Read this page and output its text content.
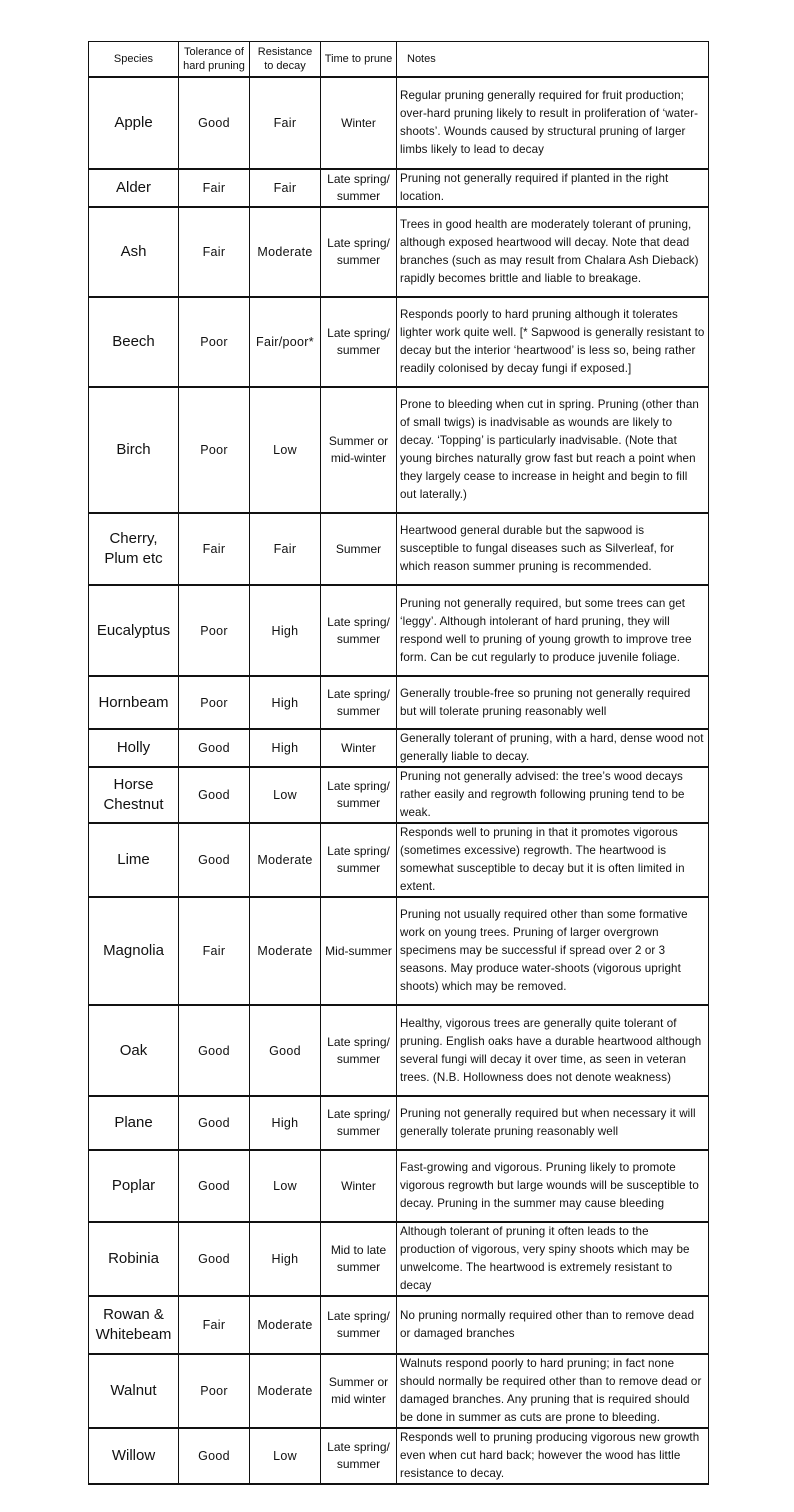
Species	Tolerance of hard pruning	Resistance to decay	Time to prune	Notes
Apple	Good	Fair	Winter	Regular pruning generally required for fruit production; over-hard pruning likely to result in proliferation of ‘water-shoots’. Wounds caused by structural pruning of larger limbs likely to lead to decay
Alder	Fair	Fair	Late spring/ summer	Pruning not generally required if planted in the right location.
Ash	Fair	Moderate	Late spring/ summer	Trees in good health are moderately tolerant of pruning, although exposed heartwood will decay. Note that dead branches (such as may result from Chalara Ash Dieback) rapidly becomes brittle and liable to breakage.
Beech	Poor	Fair/poor*	Late spring/ summer	Responds poorly to hard pruning although it tolerates lighter work quite well. [* Sapwood is generally resistant to decay but the interior ‘heartwood’ is less so, being rather readily colonised by decay fungi if exposed.]
Birch	Poor	Low	Summer or mid-winter	Prone to bleeding when cut in spring. Pruning (other than of small twigs) is inadvisable as wounds are likely to decay. ‘Topping’ is particularly inadvisable. (Note that young birches naturally grow fast but reach a point when they largely cease to increase in height and begin to fill out laterally.)
Cherry, Plum etc	Fair	Fair	Summer	Heartwood general durable but the sapwood is susceptible to fungal diseases such as Silverleaf, for which reason summer pruning is recommended.
Eucalyptus	Poor	High	Late spring/ summer	Pruning not generally required, but some trees can get ‘leggy’. Although intolerant of hard pruning, they will respond well to pruning of young growth to improve tree form. Can be cut regularly to produce juvenile foliage.
Hornbeam	Poor	High	Late spring/ summer	Generally trouble-free so pruning not generally required but will tolerate pruning reasonably well
Holly	Good	High	Winter	Generally tolerant of pruning, with a hard, dense wood not generally liable to decay.
Horse Chestnut	Good	Low	Late spring/ summer	Pruning not generally advised: the tree’s wood decays rather easily and regrowth following pruning tend to be weak.
Lime	Good	Moderate	Late spring/ summer	Responds well to pruning in that it promotes vigorous (sometimes excessive) regrowth. The heartwood is somewhat susceptible to decay but it is often limited in extent.
Magnolia	Fair	Moderate	Mid-summer	Pruning not usually required other than some formative work on young trees. Pruning of larger overgrown specimens may be successful if spread over 2 or 3 seasons. May produce water-shoots (vigorous upright shoots) which may be removed.
Oak	Good	Good	Late spring/ summer	Healthy, vigorous trees are generally quite tolerant of pruning. English oaks have a durable heartwood although several fungi will decay it over time, as seen in veteran trees. (N.B. Hollowness does not denote weakness)
Plane	Good	High	Late spring/ summer	Pruning not generally required but when necessary it will generally tolerate pruning reasonably well
Poplar	Good	Low	Winter	Fast-growing and vigorous. Pruning likely to promote vigorous regrowth but large wounds will be susceptible to decay. Pruning in the summer may cause bleeding
Robinia	Good	High	Mid to late summer	Although tolerant of pruning it often leads to the production of vigorous, very spiny shoots which may be unwelcome. The heartwood is extremely resistant to decay
Rowan & Whitebeam	Fair	Moderate	Late spring/ summer	No pruning normally required other than to remove dead or damaged branches
Walnut	Poor	Moderate	Summer or mid winter	Walnuts respond poorly to hard pruning; in fact none should normally be required other than to remove dead or damaged branches. Any pruning that is required should be done in summer as cuts are prone to bleeding.
Willow	Good	Low	Late spring/ summer	Responds well to pruning producing vigorous new growth even when cut hard back; however the wood has little resistance to decay.
